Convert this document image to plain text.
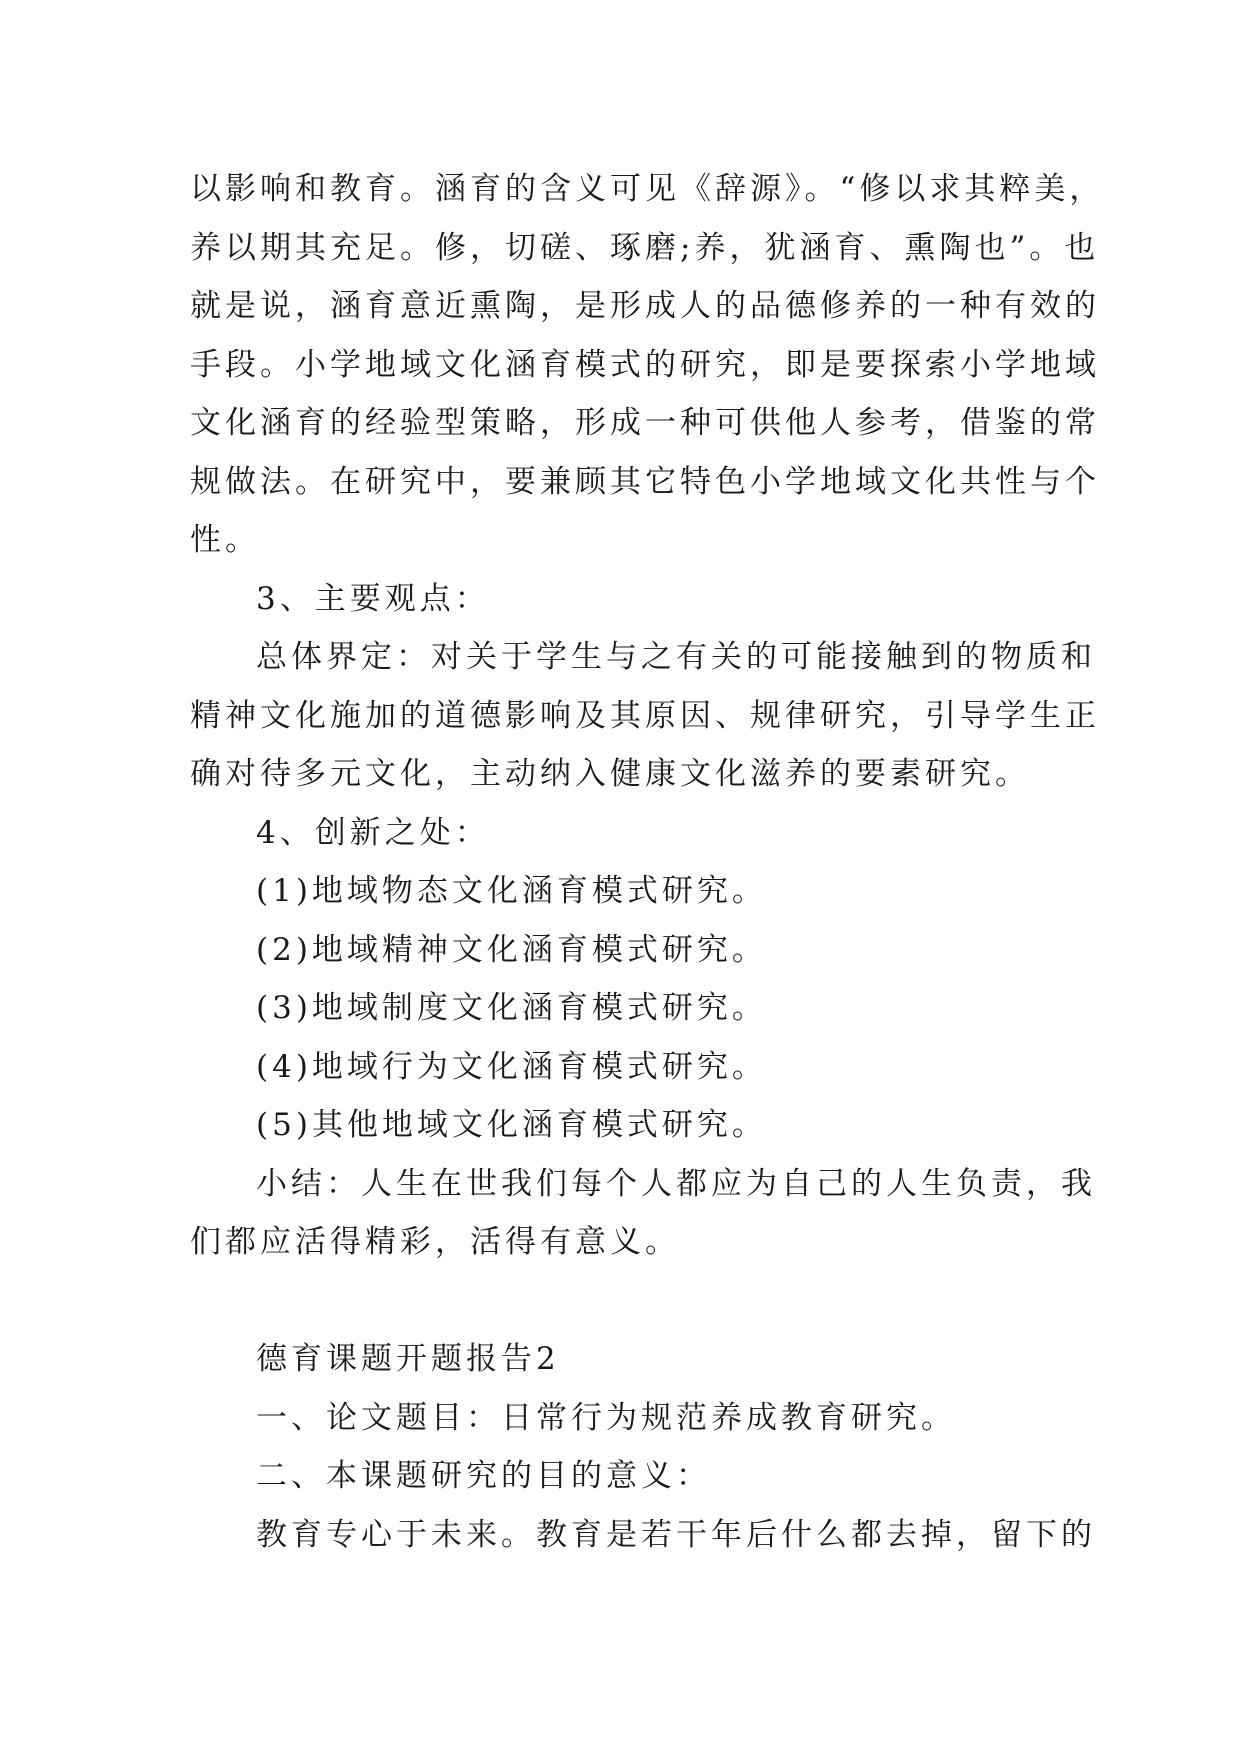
以影响和教育。涵育的含义可见《辞源》。“修以求其粹美，
养以期其充足。修，切磋、琢磨;养，犹涵育、熏陶也”。也
就是说，涵育意近熏陶，是形成人的品德修养的一种有效的
手段。小学地域文化涵育模式的研究，即是要探索小学地域
文化涵育的经验型策略，形成一种可供他人参考，借鉴的常
规做法。在研究中，要兼顾其它特色小学地域文化共性与个
性。
3、主要观点：
总体界定：对关于学生与之有关的可能接触到的物质和
精神文化施加的道德影响及其原因、规律研究，引导学生正
确对待多元文化，主动纳入健康文化滋养的要素研究。
4、创新之处：
(1)地域物态文化涵育模式研究。
(2)地域精神文化涵育模式研究。
(3)地域制度文化涵育模式研究。
(4)地域行为文化涵育模式研究。
(5)其他地域文化涵育模式研究。
小结：人生在世我们每个人都应为自己的人生负责，我
们都应活得精彩，活得有意义。
德育课题开题报告2
一、论文题目：日常行为规范养成教育研究。
二、本课题研究的目的意义：
教育专心于未来。教育是若干年后什么都去掉，留下的
